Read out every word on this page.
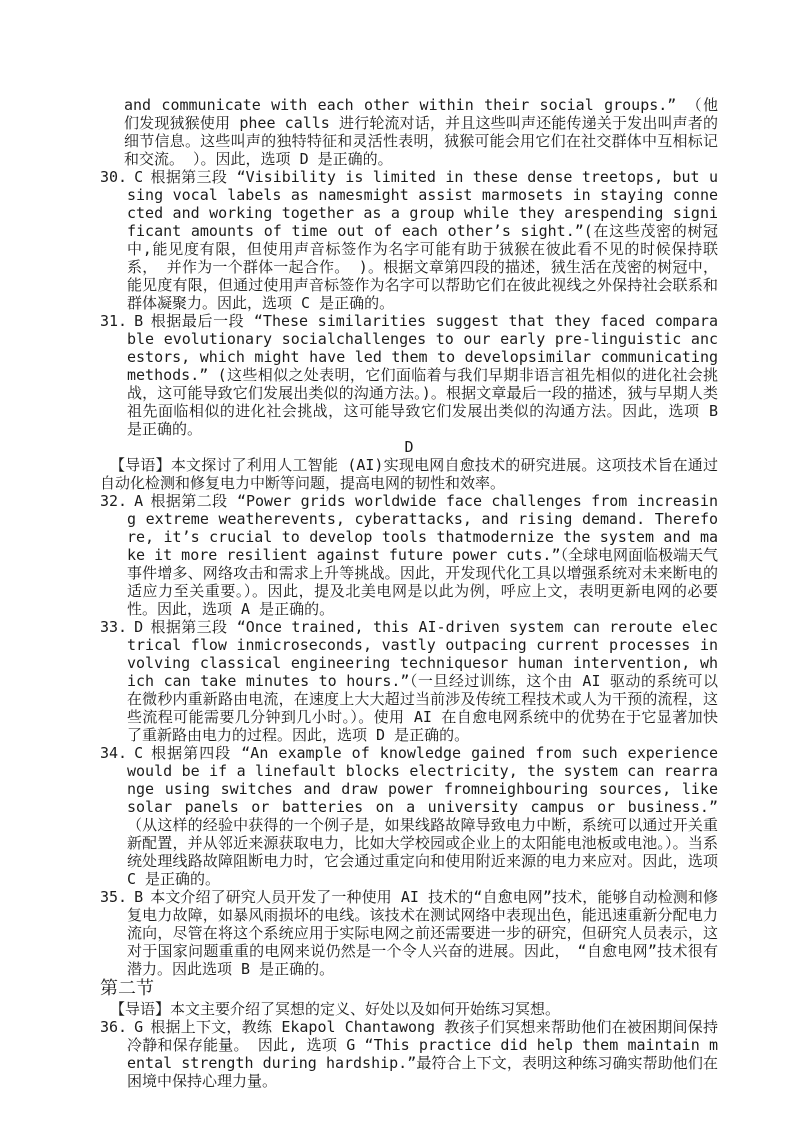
and communicate with each other within their social groups.” （他们发现狨猴使用 phee calls 进行轮流对话，并且这些叫声还能传递关于发出叫声者的细节信息。这些叫声的独特特征和灵活性表明，狨猴可能会用它们在社交群体中互相标记和交流。 ）。因此，选项 D 是正确的。

30. C 根据第三段 “Visibility is limited in these dense treetops, but using vocal labels as namesmight assist marmosets in staying connected and working together as a group while they arespending significant amounts of time out of each other’s sight.”(在这些茂密的树冠中,能见度有限，但使用声音标签作为名字可能有助于狨猴在彼此看不见的时候保持联系， 并作为一个群体一起合作。 )。根据文章第四段的描述，狨生活在茂密的树冠中，能见度有限，但通过使用声音标签作为名字可以帮助它们在彼此视线之外保持社会联系和群体凝聚力。因此，选项 C 是正确的。

31. B 根据最后一段 “These similarities suggest that they faced comparable evolutionary socialchallenges to our early pre-linguistic ancestors, which might have led them to developsimilar communicating methods.” (这些相似之处表明，它们面临着与我们早期非语言祖先相似的进化社会挑战，这可能导致它们发展出类似的沟通方法。)。根据文章最后一段的描述，狨与早期人类祖先面临相似的进化社会挑战，这可能导致它们发展出类似的沟通方法。因此，选项 B 是正确的。

D

【导语】本文探讨了利用人工智能 (AI)实现电网自愈技术的研究进展。这项技术旨在通过自动化检测和修复电力中断等问题，提高电网的韧性和效率。

32. A 根据第二段 “Power grids worldwide face challenges from increasing extreme weatherevents, cyberattacks, and rising demand. Therefore, it’s crucial to develop tools thatmodernize the system and make it more resilient against future power cuts.”（全球电网面临极端天气事件增多、网络攻击和需求上升等挑战。因此，开发现代化工具以增强系统对未来断电的适应力至关重要。）。因此，提及北美电网是以此为例，呼应上文，表明更新电网的必要性。因此，选项 A 是正确的。

33. D 根据第三段 “Once trained, this AI-driven system can reroute electrical flow inmicroseconds, vastly outpacing current processes involving classical engineering techniquesor human intervention, which can take minutes to hours.”（一旦经过训练，这个由 AI 驱动的系统可以在微秒内重新路由电流，在速度上大大超过当前涉及传统工程技术或人为干预的流程，这些流程可能需要几分钟到几小时。）。使用 AI 在自愈电网系统中的优势在于它显著加快了重新路由电力的过程。因此，选项 D 是正确的。

34. C 根据第四段 “An example of knowledge gained from such experience would be if a linefault blocks electricity, the system can rearrange using switches and draw power fromneighbouring sources, like solar panels or batteries on a university campus or business.” （从这样的经验中获得的一个例子是，如果线路故障导致电力中断，系统可以通过开关重新配置，并从邻近来源获取电力，比如大学校园或企业上的太阳能电池板或电池。）。当系统处理线路故障阻断电力时，它会通过重定向和使用附近来源的电力来应对。因此，选项 C 是正确的。

35. B 本文介绍了研究人员开发了一种使用 AI 技术的“自愈电网”技术，能够自动检测和修复电力故障，如暴风雨损坏的电线。该技术在测试网络中表现出色，能迅速重新分配电力流向，尽管在将这个系统应用于实际电网之前还需要进一步的研究，但研究人员表示，这对于国家问题重重的电网来说仍然是一个令人兴奋的进展。因此，　“自愈电网”技术很有潜力。因此选项 B 是正确的。

第二节

【导语】本文主要介绍了冥想的定义、好处以及如何开始练习冥想。

36. G 根据上下文，教练 Ekapol Chantawong 教孩子们冥想来帮助他们在被困期间保持冷静和保存能量。 因此, 选项 G “This practice did help them maintain mental strength during hardship.”最符合上下文，表明这种练习确实帮助他们在困境中保持心理力量。
